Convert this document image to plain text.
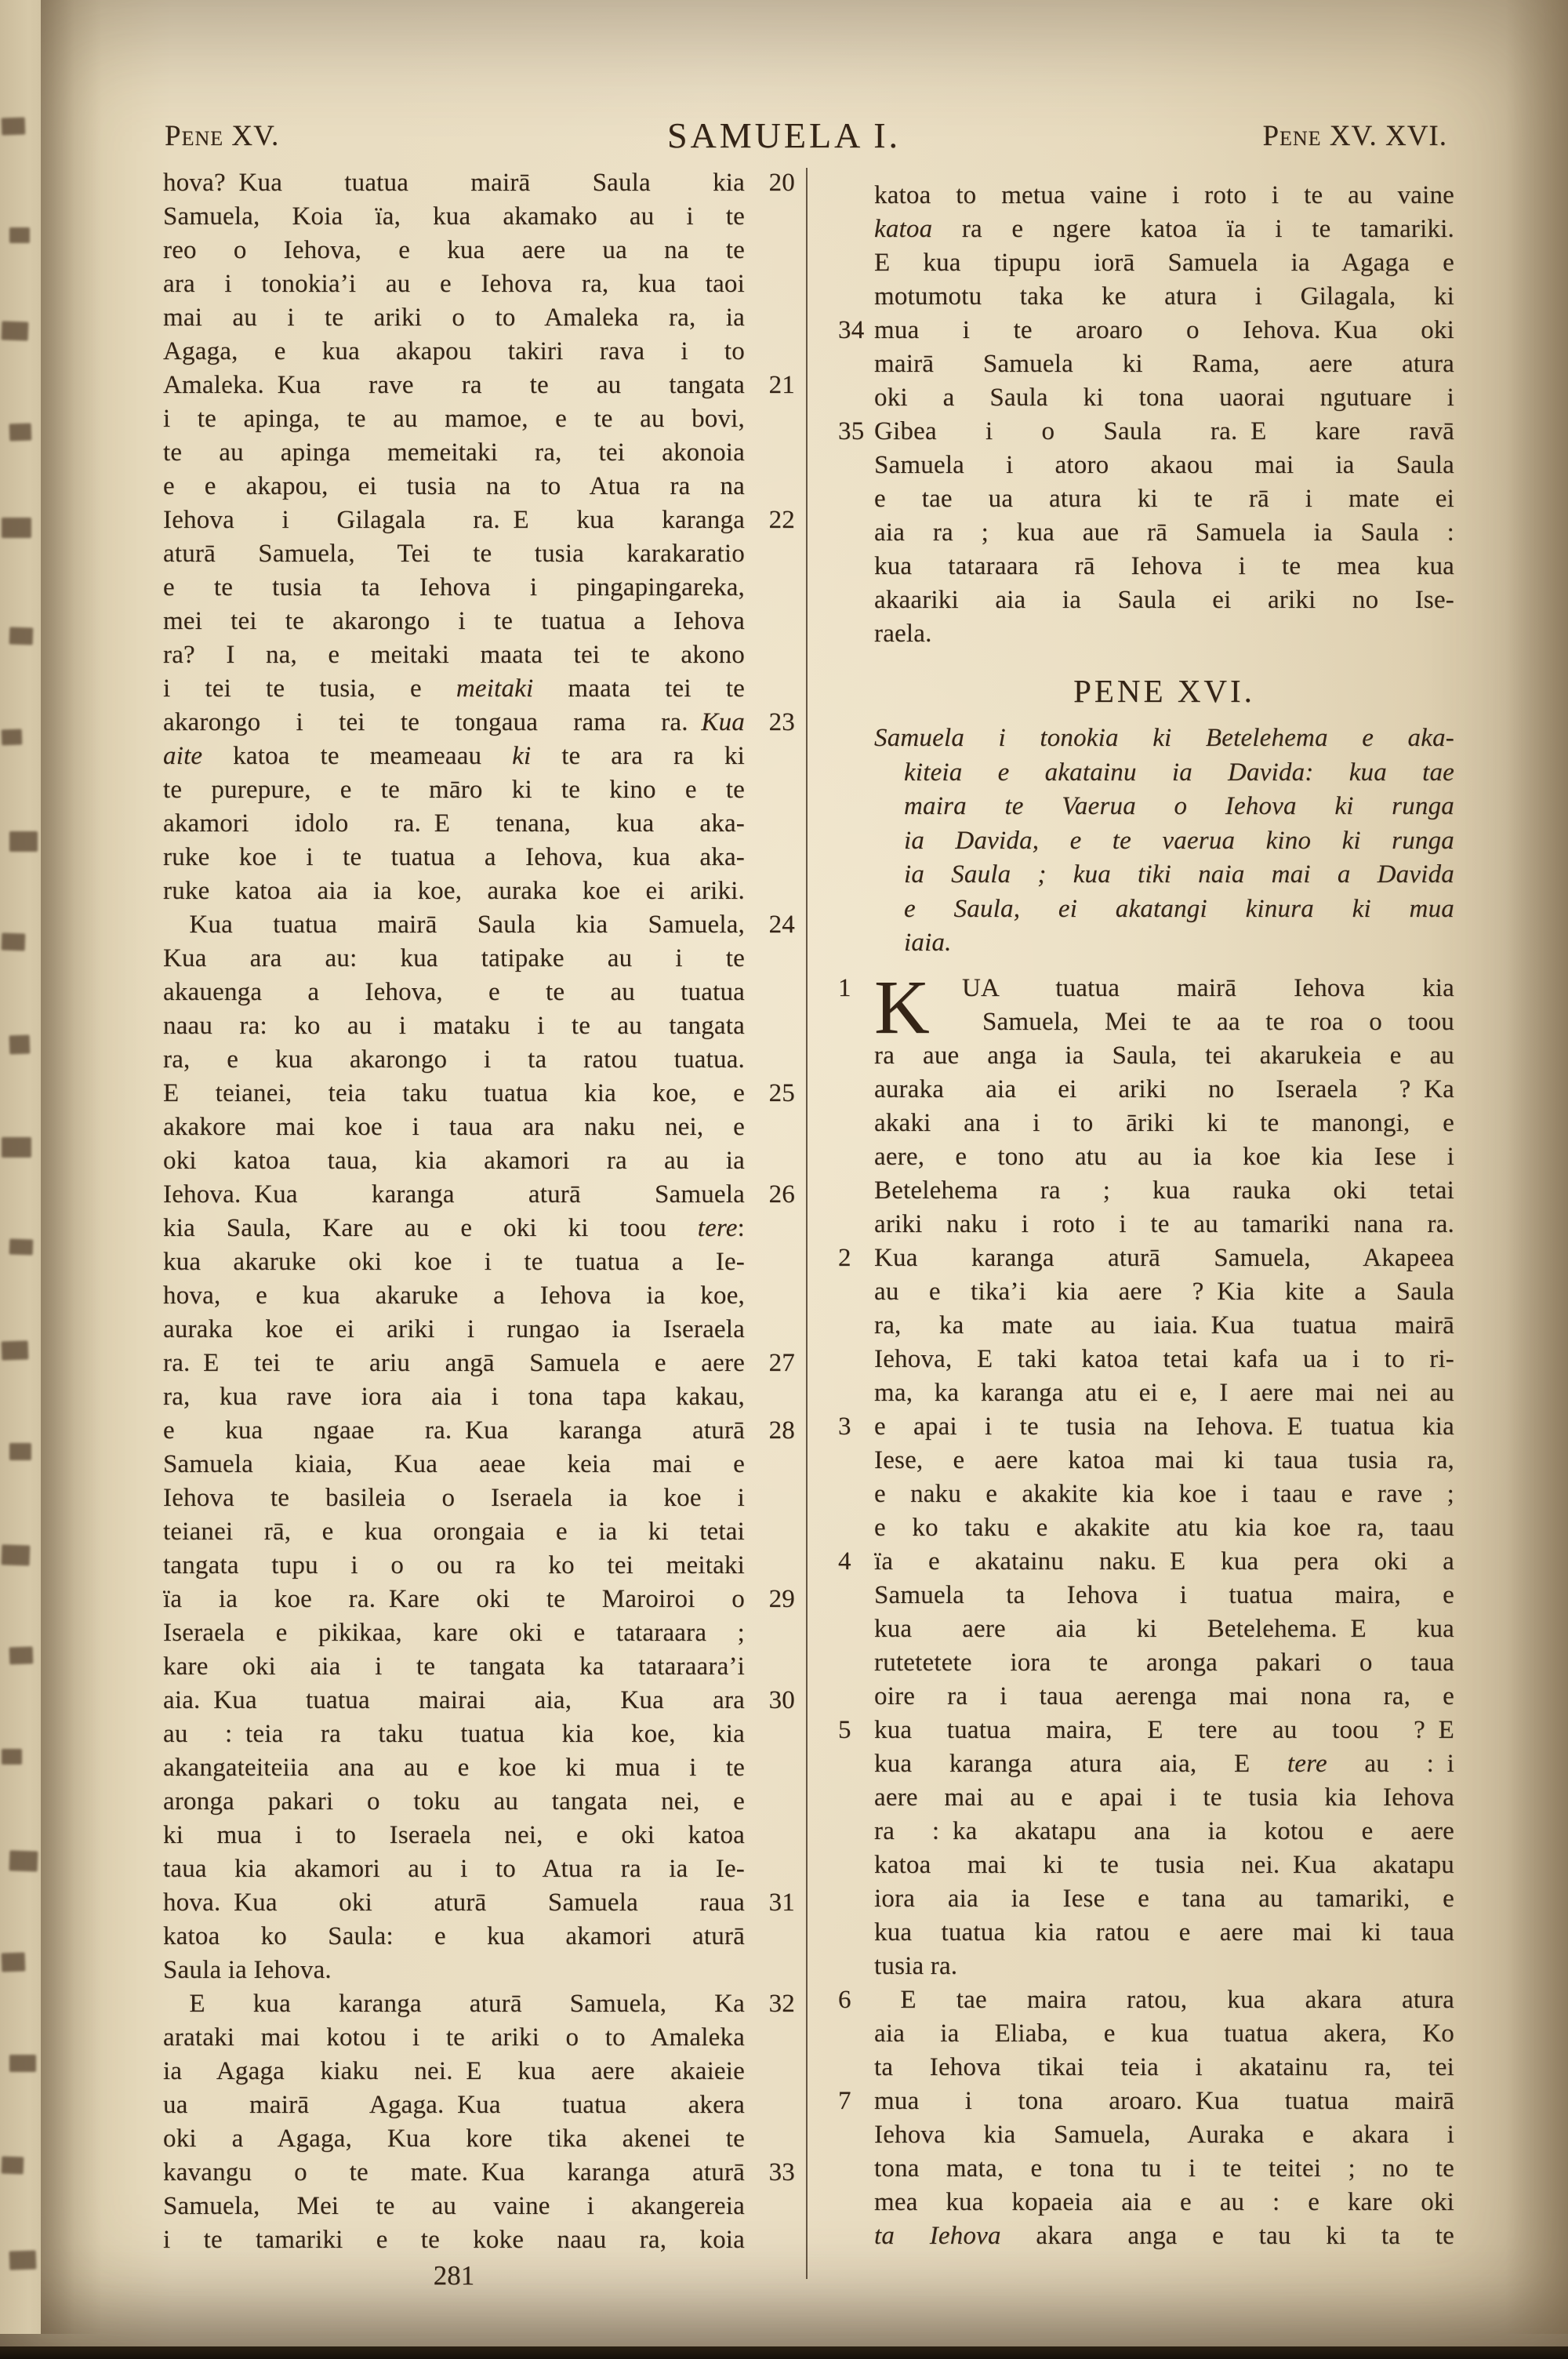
Pene XV.	SAMUELA I.	Pene XV. XVI.
20
hova? Kua tuatua mairā Saula kia
Samuela, Koia ïa, kua akamako au i te
reo o Iehova, e kua aere ua na te
ara i tonokia’i au e Iehova ra, kua taoi
mai au i te ariki o to Amaleka ra, ia
Agaga, e kua akapou takiri rava i to
21
Amaleka. Kua rave ra te au tangata
i te apinga, te au mamoe, e te au bovi,
te au apinga memeitaki ra, tei akonoia
e e akapou, ei tusia na to Atua ra na
22
Iehova i Gilagala ra. E kua karanga
aturā Samuela, Tei te tusia karakaratio
e te tusia ta Iehova i pingapingareka,
mei tei te akarongo i te tuatua a Iehova
ra? I na, e meitaki maata tei te akono
i tei te tusia, e meitaki maata tei te
23
akarongo i tei te tongaua rama ra. Kua
aite katoa te meameaau ki te ara ra ki
te purepure, e te māro ki te kino e te
akamori idolo ra. E tenana, kua aka-
ruke koe i te tuatua a Iehova, kua aka-
ruke katoa aia ia koe, auraka koe ei ariki.
24
  Kua tuatua mairā Saula kia Samuela,
Kua ara au: kua tatipake au i te
akauenga a Iehova, e te au tuatua
naau ra: ko au i mataku i te au tangata
ra, e kua akarongo i ta ratou tuatua.
25
E teianei, teia taku tuatua kia koe, e
akakore mai koe i taua ara naku nei, e
oki katoa taua, kia akamori ra au ia
26
Iehova. Kua karanga aturā Samuela
kia Saula, Kare au e oki ki toou tere:
kua akaruke oki koe i te tuatua a Ie-
hova, e kua akaruke a Iehova ia koe,
auraka koe ei ariki i rungao ia Iseraela
27
ra. E tei te ariu angā Samuela e aere
ra, kua rave iora aia i tona tapa kakau,
28
e kua ngaae ra. Kua karanga aturā
Samuela kiaia, Kua aeae keia mai e
Iehova te basileia o Iseraela ia koe i
teianei rā, e kua orongaia e ia ki tetai
tangata tupu i o ou ra ko tei meitaki
29
ïa ia koe ra. Kare oki te Maroiroi o
Iseraela e pikikaa, kare oki e tataraara ;
kare oki aia i te tangata ka tataraara’i
30
aia. Kua tuatua mairai aia, Kua ara
au : teia ra taku tuatua kia koe, kia
akangateiteiia ana au e koe ki mua i te
aronga pakari o toku au tangata nei, e
ki mua i to Iseraela nei, e oki katoa
taua kia akamori au i to Atua ra ia Ie-
31
hova. Kua oki aturā Samuela raua
katoa ko Saula: e kua akamori aturā
Saula ia Iehova.
32
  E kua karanga aturā Samuela, Ka
arataki mai kotou i te ariki o to Amaleka
ia Agaga kiaku nei. E kua aere akaieie
ua mairā Agaga. Kua tuatua akera
oki a Agaga, Kua kore tika akenei te
33
kavangu o te mate. Kua karanga aturā
Samuela, Mei te au vaine i akangereia
i te tamariki e te koke naau ra, koia
katoa to metua vaine i roto i te au vaine
katoa ra e ngere katoa ïa i te tamariki.
E kua tipupu iorā Samuela ia Agaga e
motumotu taka ke atura i Gilagala, ki
34 mua i te aroaro o Iehova. Kua oki
mairā Samuela ki Rama, aere atura
oki a Saula ki tona uaorai ngutuare i
35 Gibea i o Saula ra. E kare ravā
Samuela i atoro akaou mai ia Saula
e tae ua atura ki te rā i mate ei
aia ra ; kua aue rā Samuela ia Saula :
kua tataraara rā Iehova i te mea kua
akaariki aia ia Saula ei ariki no Ise-
raela.
PENE XVI.
Samuela i tonokia ki Betelehema e aka-
kiteia e akatainu ia Davida: kua tae
maira te Vaerua o Iehova ki runga
ia Davida, e te vaerua kino ki runga
ia Saula ; kua tiki naia mai a Davida
e Saula, ei akatangi kinura ki mua
iaia.
K
1	UA tuatua mairā Iehova kia
Samuela, Mei te aa te roa o toou
ra aue anga ia Saula, tei akarukeia e au
auraka aia ei ariki no Iseraela ? Ka
akaki ana i to āriki ki te manongi, e
aere, e tono atu au ia koe kia Iese i
Betelehema ra ; kua rauka oki tetai
ariki naku i roto i te au tamariki nana ra.
2 Kua karanga aturā Samuela, Akapeea
au e tika’i kia aere ? Kia kite a Saula
ra, ka mate au iaia. Kua tuatua mairā
Iehova, E taki katoa tetai kafa ua i to ri-
ma, ka karanga atu ei e, I aere mai nei au
3 e apai i te tusia na Iehova. E tuatua kia
Iese, e aere katoa mai ki taua tusia ra,
e naku e akakite kia koe i taau e rave ;
e ko taku e akakite atu kia koe ra, taau
4 ïa e akatainu naku. E kua pera oki a
Samuela ta Iehova i tuatua maira, e
kua aere aia ki Betelehema. E kua
rutetetete iora te aronga pakari o taua
oire ra i taua aerenga mai nona ra, e
5 kua tuatua maira, E tere au toou ? E
kua karanga atura aia, E tere au : i
aere mai au e apai i te tusia kia Iehova
ra : ka akatapu ana ia kotou e aere
katoa mai ki te tusia nei. Kua akatapu
iora aia ia Iese e tana au tamariki, e
kua tuatua kia ratou e aere mai ki taua
tusia ra.
6   E tae maira ratou, kua akara atura
aia ia Eliaba, e kua tuatua akera, Ko
ta Iehova tikai teia i akatainu ra, tei
7 mua i tona aroaro. Kua tuatua mairā
Iehova kia Samuela, Auraka e akara i
tona mata, e tona tu i te teitei ; no te
mea kua kopaeia aia e au : e kare oki
ta Iehova akara anga e tau ki ta te
281
